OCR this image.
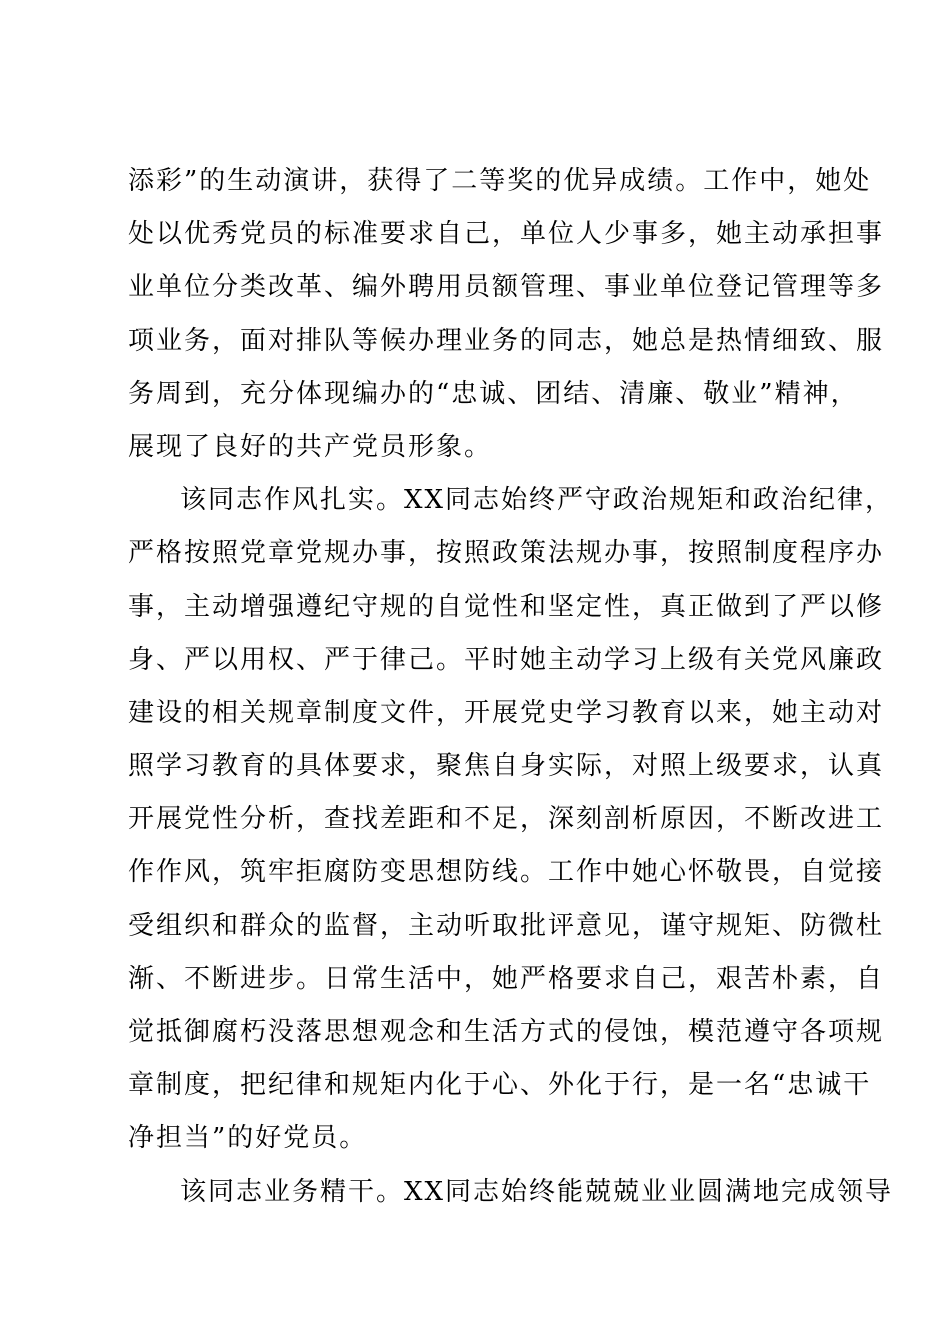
添彩”的生动演讲，获得了二等奖的优异成绩。工作中，她处
处以优秀党员的标准要求自己，单位人少事多，她主动承担事
业单位分类改革、编外聘用员额管理、事业单位登记管理等多
项业务，面对排队等候办理业务的同志，她总是热情细致、服
务周到，充分体现编办的“忠诚、团结、清廉、敬业”精神，
展现了良好的共产党员形象。
该同志作风扎实。XX同志始终严守政治规矩和政治纪律，
严格按照党章党规办事，按照政策法规办事，按照制度程序办
事，主动增强遵纪守规的自觉性和坚定性，真正做到了严以修
身、严以用权、严于律己。平时她主动学习上级有关党风廉政
建设的相关规章制度文件，开展党史学习教育以来，她主动对
照学习教育的具体要求，聚焦自身实际，对照上级要求，认真
开展党性分析，查找差距和不足，深刻剖析原因，不断改进工
作作风，筑牢拒腐防变思想防线。工作中她心怀敬畏，自觉接
受组织和群众的监督，主动听取批评意见，谨守规矩、防微杜
渐、不断进步。日常生活中，她严格要求自己，艰苦朴素，自
觉抵御腐朽没落思想观念和生活方式的侵蚀，模范遵守各项规
章制度，把纪律和规矩内化于心、外化于行，是一名“忠诚干
净担当”的好党员。
该同志业务精干。XX同志始终能兢兢业业圆满地完成领导
